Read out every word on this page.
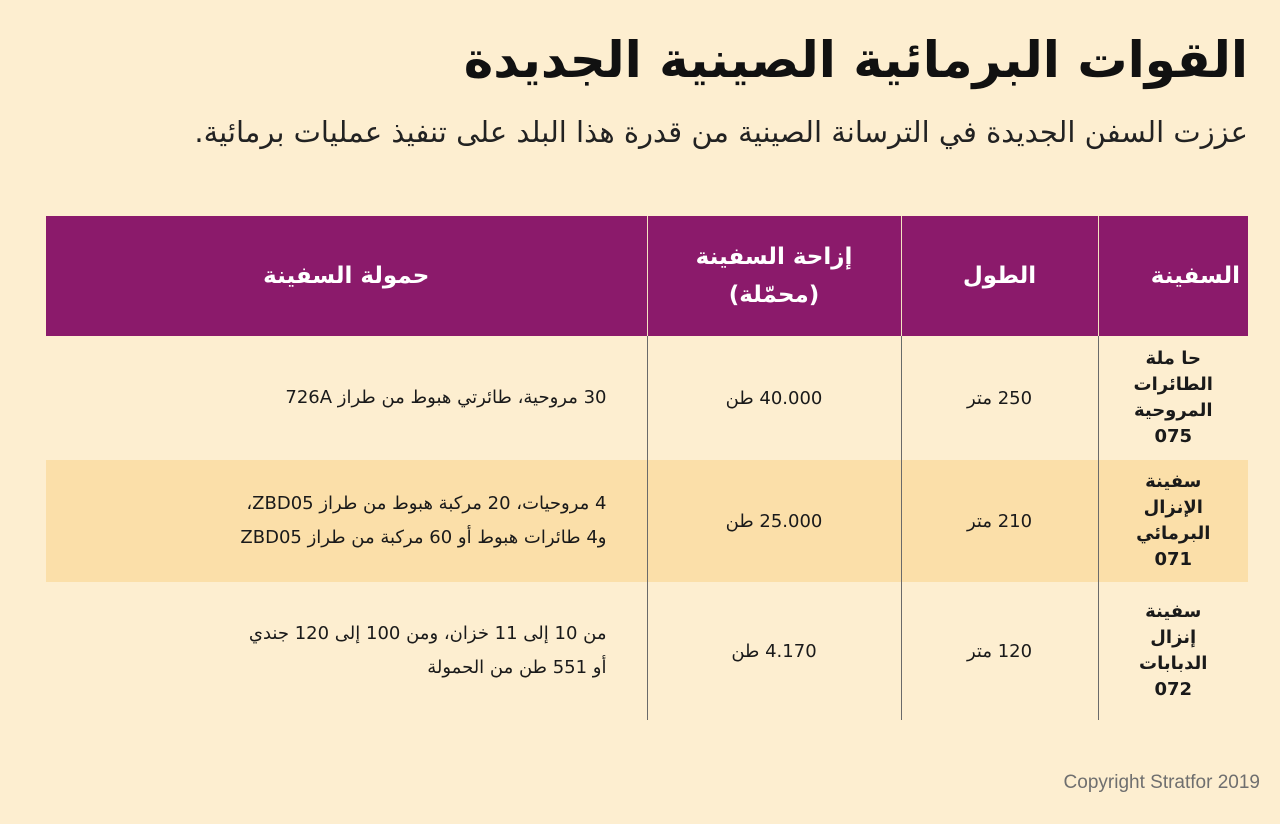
القوات البرمائية الصينية الجديدة
عززت السفن الجديدة في الترسانة الصينية من قدرة هذا البلد على تنفيذ عمليات برمائية.
السفينة	الطول	إزاحة السفينة (محمّلة)	حمولة السفينة

حا ملة
الطائرات
المروحية
075	250 متر	40.000 طن	30 مروحية، طائرتي هبوط من طراز 726A

سفينة
الإنزال
البرمائي
071	210 متر	25.000 طن	4 مروحيات، 20 مركبة هبوط من طراز ZBD05،
و4 طائرات هبوط أو 60 مركبة من طراز ZBD05

سفينة
إنزال
الدبابات
072	120 متر	4.170 طن	من 10 إلى 11 خزان، ومن 100 إلى 120 جندي
أو 551 طن من الحمولة
Copyright Stratfor 2019
